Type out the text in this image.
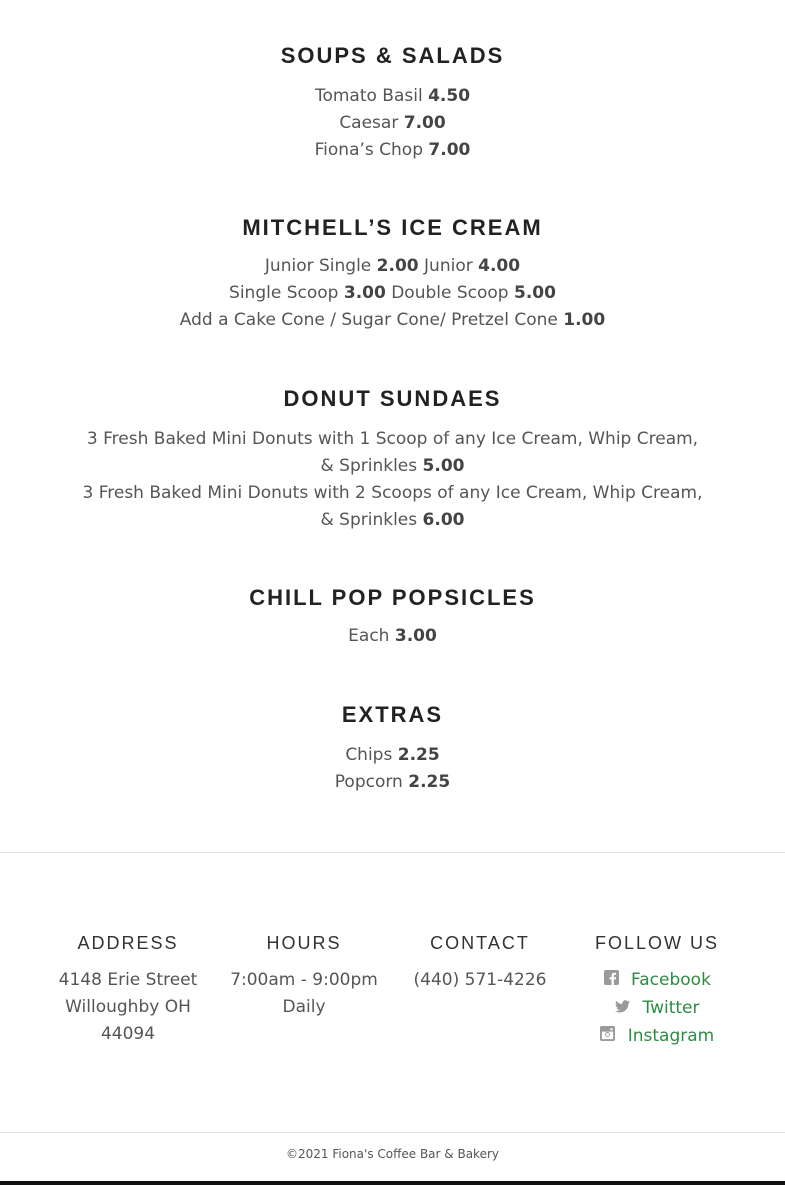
SOUPS & SALADS
Tomato Basil 4.50
Caesar 7.00
Fiona’s Chop 7.00
MITCHELL’S ICE CREAM
Junior Single 2.00 Junior 4.00
Single Scoop 3.00 Double Scoop 5.00
Add a Cake Cone / Sugar Cone/ Pretzel Cone 1.00
DONUT SUNDAES
3 Fresh Baked Mini Donuts with 1 Scoop of any Ice Cream, Whip Cream,
& Sprinkles 5.00
3 Fresh Baked Mini Donuts with 2 Scoops of any Ice Cream, Whip Cream,
& Sprinkles 6.00
CHILL POP POPSICLES
Each 3.00
EXTRAS
Chips 2.25
Popcorn 2.25
ADDRESS
4148 Erie Street
Willoughby OH
44094
HOURS
7:00am - 9:00pm
Daily
CONTACT
(440) 571-4226
FOLLOW US
Facebook
Twitter
Instagram
©2021 Fiona's Coffee Bar & Bakery
